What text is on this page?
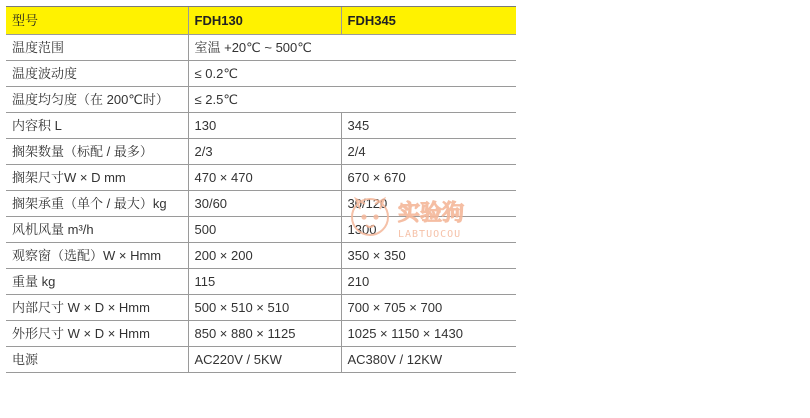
型号	FDH130	FDH345
温度范围	室温 +20℃ ~ 500℃	
温度波动度	≤ 0.2℃	
温度均匀度（在 200℃时）	≤ 2.5℃	
内容积 L	130	345
搁架数量（标配 / 最多）	2/3	2/4
搁架尺寸W × D mm	470 × 470	670 × 670
搁架承重（单个 / 最大）kg	30/60	30/120
风机风量 m³/h	500	1300
观察窗（选配）W × Hmm	200 × 200	350 × 350
重量 kg	115	210
内部尺寸 W × D × Hmm	500 × 510 × 510	700 × 705 × 700
外形尺寸 W × D × Hmm	850 × 880 × 1125	1025 × 1150 × 1430
电源	AC220V / 5KW	AC380V / 12KW
实验狗
LABTUOCOU
